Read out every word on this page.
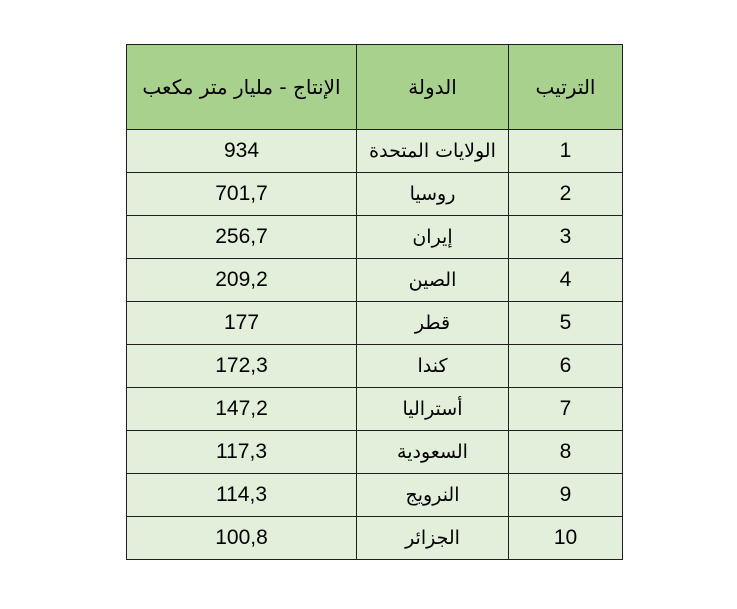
الإنتاج - مليار متر مكعب	الدولة	الترتيب
934	الولايات المتحدة	1
701,7	روسيا	2
256,7	إيران	3
209,2	الصين	4
177	قطر	5
172,3	كندا	6
147,2	أستراليا	7
117,3	السعودية	8
114,3	النرويج	9
100,8	الجزائر	10
